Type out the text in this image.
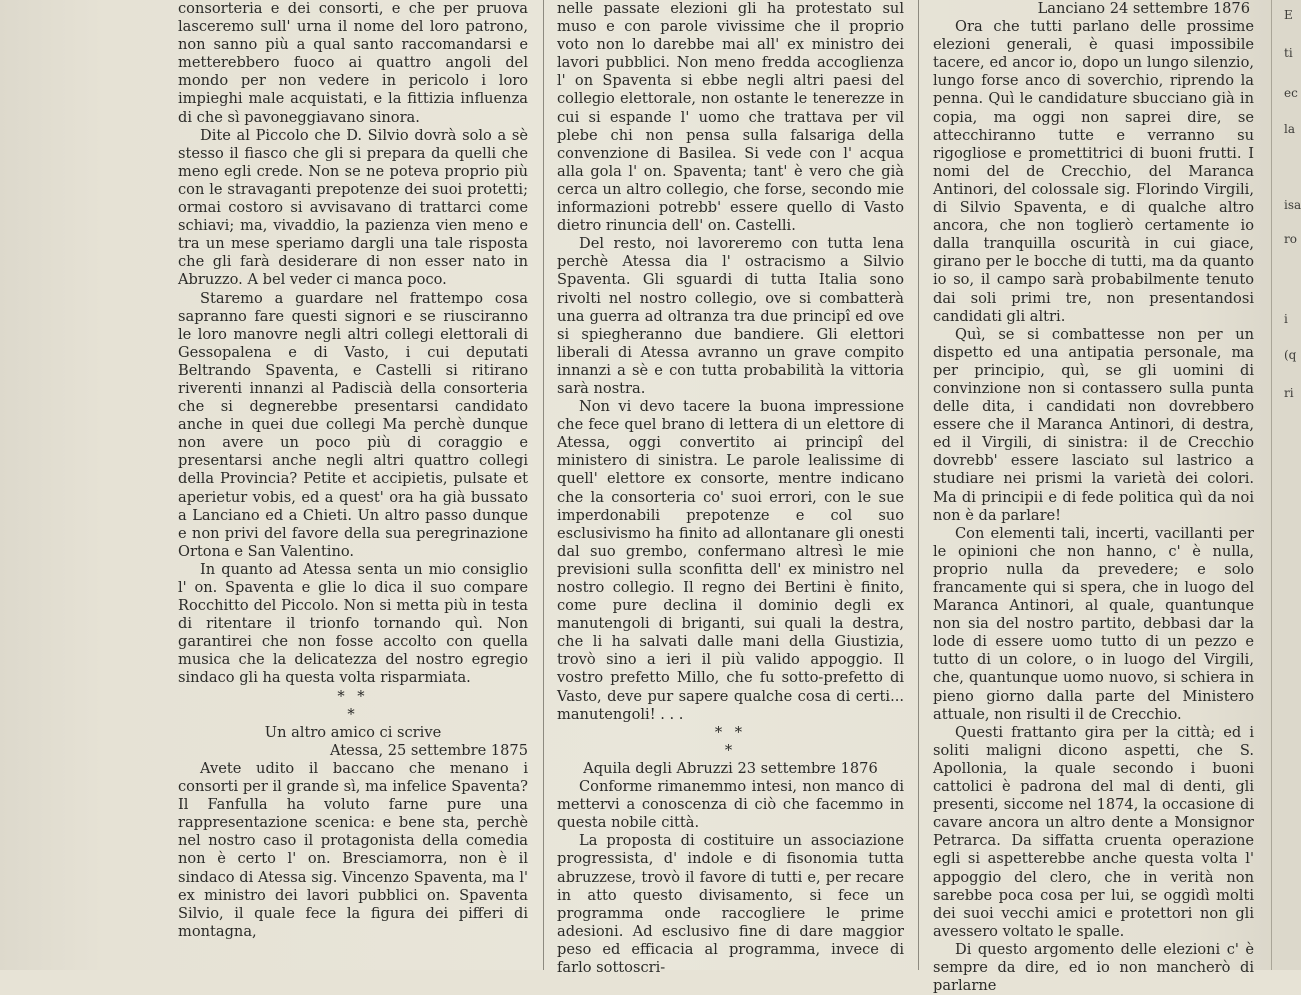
consorteria e dei consorti, e che per pruova lasceremo sull' urna il nome del loro patrono, non sanno più a qual santo raccomandarsi e metterebbero fuoco ai quattro angoli del mondo per non vedere in pericolo i loro impieghi male acquistati, e la fittizia influenza di che sì pavoneggiavano sinora.

Dite al Piccolo che D. Silvio dovrà solo a sè stesso il fiasco che gli si prepara da quelli che meno egli crede. Non se ne poteva proprio più con le stravaganti prepotenze dei suoi protetti; ormai costoro si avvisavano di trattarci come schiavi; ma, vivaddio, la pazienza vien meno e tra un mese speriamo dargli una tale risposta che gli farà desiderare di non esser nato in Abruzzo. A bel veder ci manca poco.

Staremo a guardare nel frattempo cosa sapranno fare questi signori e se riusciranno le loro manovre negli altri collegi elettorali di Gessopalena e di Vasto, i cui deputati Beltrando Spaventa, e Castelli si ritirano riverenti innanzi al Padiscià della consorteria che si degnerebbe presentarsi candidato anche in quei due collegi Ma perchè dunque non avere un poco più di coraggio e presentarsi anche negli altri quattro collegi della Provincia? Petite et accipietis, pulsate et aperietur vobis, ed a quest' ora ha già bussato a Lanciano ed a Chieti. Un altro passo dunque e non privi del favore della sua peregrinazione Ortona e San Valentino.

In quanto ad Atessa senta un mio consiglio l' on. Spaventa e glie lo dica il suo compare Rocchitto del Piccolo. Non si metta più in testa di ritentare il trionfo tornando quì. Non garantirei che non fosse accolto con quella musica che la delicatezza del nostro egregio sindaco gli ha questa volta risparmiata.

* *
*

Un altro amico ci scrive

Atessa, 25 settembre 1875

Avete udito il baccano che menano i consorti per il grande sì, ma infelice Spaventa? Il Fanfulla ha voluto farne pure una rappresentazione scenica: e bene sta, perchè nel nostro caso il protagonista della comedia non è certo l' on. Bresciamorra, non è il sindaco di Atessa sig. Vincenzo Spaventa, ma l' ex ministro dei lavori pubblici on. Spaventa Silvio, il quale fece la figura dei pifferi di montagna,

nelle passate elezioni gli ha protestato sul muso e con parole vivissime che il proprio voto non lo darebbe mai all' ex ministro dei lavori pubblici. Non meno fredda accoglienza l' on Spaventa si ebbe negli altri paesi del collegio elettorale, non ostante le tenerezze in cui si espande l' uomo che trattava per vil plebe chi non pensa sulla falsariga della convenzione di Basilea. Si vede con l' acqua alla gola l' on. Spaventa; tant' è vero che già cerca un altro collegio, che forse, secondo mie informazioni potrebb' essere quello di Vasto dietro rinuncia dell' on. Castelli.

Del resto, noi lavoreremo con tutta lena perchè Atessa dia l' ostracismo a Silvio Spaventa. Gli sguardi di tutta Italia sono rivolti nel nostro collegio, ove si combatterà una guerra ad oltranza tra due principî ed ove si spiegheranno due bandiere. Gli elettori liberali di Atessa avranno un grave compito innanzi a sè e con tutta probabilità la vittoria sarà nostra.

Non vi devo tacere la buona impressione che fece quel brano di lettera di un elettore di Atessa, oggi convertito ai principî del ministero di sinistra. Le parole lealissime di quell' elettore ex consorte, mentre indicano che la consorteria co' suoi errori, con le sue imperdonabili prepotenze e col suo esclusivismo ha finito ad allontanare gli onesti dal suo grembo, confermano altresì le mie previsioni sulla sconfitta dell' ex ministro nel nostro collegio. Il regno dei Bertini è finito, come pure declina il dominio degli ex manutengoli di briganti, sui quali la destra, che li ha salvati dalle mani della Giustizia, trovò sino a ieri il più valido appoggio. Il vostro prefetto Millo, che fu sotto-prefetto di Vasto, deve pur sapere qualche cosa di certi... manutengoli! . . .

* *
*

Aquila degli Abruzzi 23 settembre 1876

Conforme rimanemmo intesi, non manco di mettervi a conoscenza di ciò che facemmo in questa nobile città.

La proposta di costituire un associazione progressista, d' indole e di fisonomia tutta abruzzese, trovò il favore di tutti e, per recare in atto questo divisamento, si fece un programma onde raccogliere le prime adesioni. Ad esclusivo fine di dare maggior peso ed efficacia al programma, invece di farlo sottoscri-

Lanciano 24 settembre 1876

Ora che tutti parlano delle prossime elezioni generali, è quasi impossibile tacere, ed ancor io, dopo un lungo silenzio, lungo forse anco di soverchio, riprendo la penna. Quì le candidature sbucciano già in copia, ma oggi non saprei dire, se attecchiranno tutte e verranno su rigogliose e promettitrici di buoni frutti. I nomi del de Crecchio, del Maranca Antinori, del colossale sig. Florindo Virgili, di Silvio Spaventa, e di qualche altro ancora, che non toglierò certamente io dalla tranquilla oscurità in cui giace, girano per le bocche di tutti, ma da quanto io so, il campo sarà probabilmente tenuto dai soli primi tre, non presentandosi candidati gli altri.

Quì, se si combattesse non per un dispetto ed una antipatia personale, ma per principio, quì, se gli uomini di convinzione non si contassero sulla punta delle dita, i candidati non dovrebbero essere che il Maranca Antinori, di destra, ed il Virgili, di sinistra: il de Crecchio dovrebb' essere lasciato sul lastrico a studiare nei prismi la varietà dei colori. Ma di principii e di fede politica quì da noi non è da parlare!

Con elementi tali, incerti, vacillanti per le opinioni che non hanno, c' è nulla, proprio nulla da prevedere; e solo francamente qui si spera, che in luogo del Maranca Antinori, al quale, quantunque non sia del nostro partito, debbasi dar la lode di essere uomo tutto di un pezzo e tutto di un colore, o in luogo del Virgili, che, quantunque uomo nuovo, si schiera in pieno giorno dalla parte del Ministero attuale, non risulti il de Crecchio.

Questi frattanto gira per la città; ed i soliti maligni dicono aspetti, che S. Apollonia, la quale secondo i buoni cattolici è padrona del mal di denti, gli presenti, siccome nel 1874, la occasione di cavare ancora un altro dente a Monsignor Petrarca. Da siffatta cruenta operazione egli si aspetterebbe anche questa volta l' appoggio del clero, che in verità non sarebbe poca cosa per lui, se oggidì molti dei suoi vecchi amici e protettori non gli avessero voltato le spalle.

Di questo argomento delle elezioni c' è sempre da dire, ed io non mancherò di parlarne

E
ti
ec
la
isa
ro
i
(q
ri
